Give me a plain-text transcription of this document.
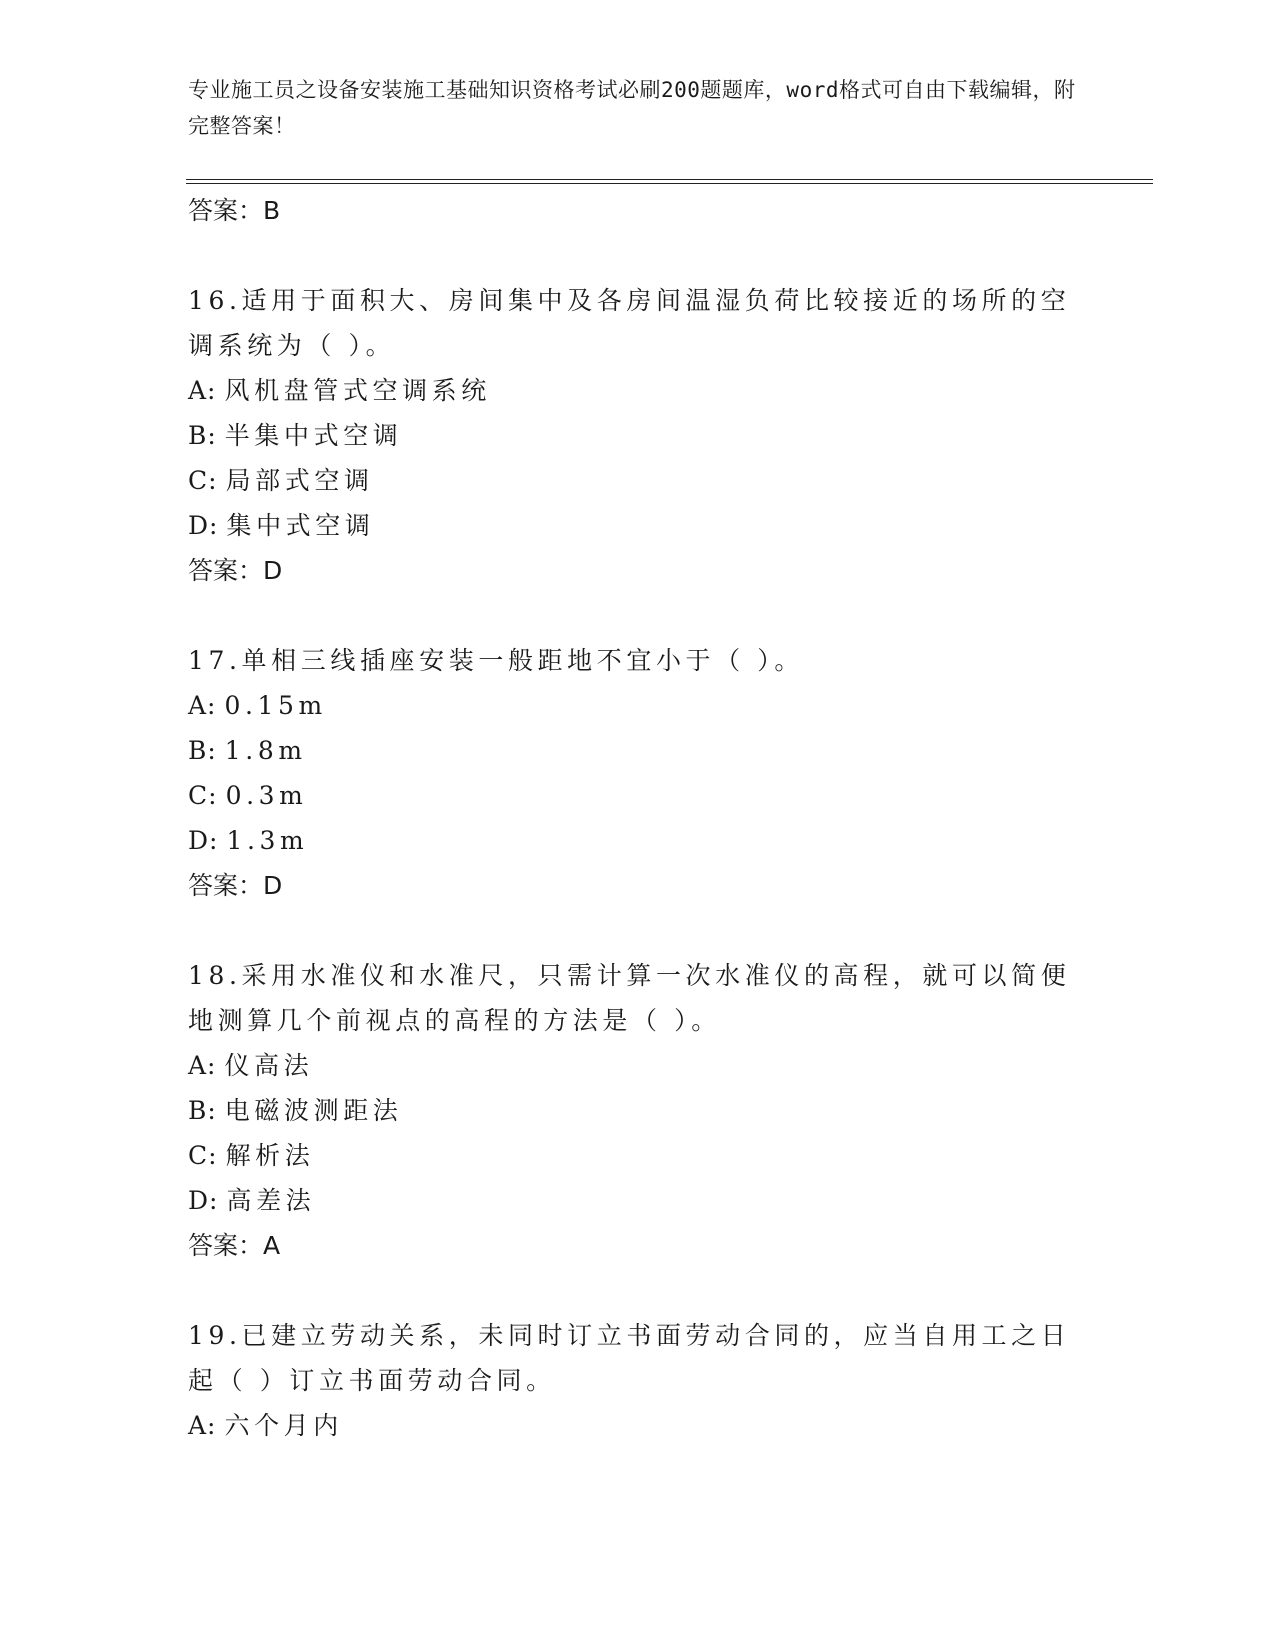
专业施工员之设备安装施工基础知识资格考试必刷200题题库，word格式可自由下载编辑，附完整答案！
答案：B
16.适用于面积大、房间集中及各房间温湿负荷比较接近的场所的空调系统为（ ）。
A: 风机盘管式空调系统
B: 半集中式空调
C: 局部式空调
D: 集中式空调
答案：D
17.单相三线插座安装一般距地不宜小于（ ）。
A: 0.15m
B: 1.8m
C: 0.3m
D: 1.3m
答案：D
18.采用水准仪和水准尺，只需计算一次水准仪的高程，就可以简便地测算几个前视点的高程的方法是（ ）。
A: 仪高法
B: 电磁波测距法
C: 解析法
D: 高差法
答案：A
19.已建立劳动关系，未同时订立书面劳动合同的，应当自用工之日起（ ）订立书面劳动合同。
A: 六个月内
